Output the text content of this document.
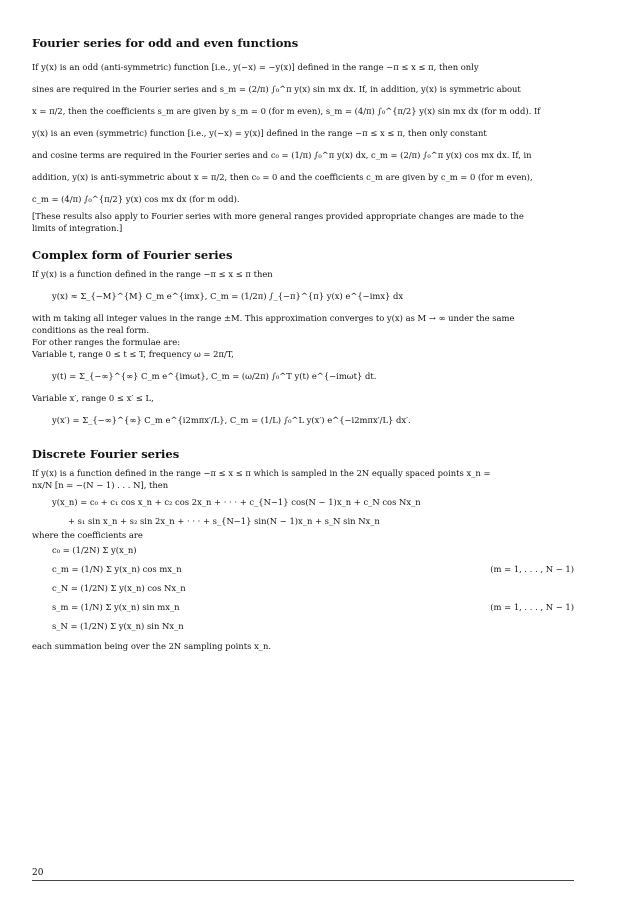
Fourier series for odd and even functions

If y(x) is an odd (anti-symmetric) function [i.e., y(−x) = −y(x)] defined in the range −π ≤ x ≤ π, then only

sines are required in the Fourier series and s_m = (2/π) ∫₀^π y(x) sin mx dx. If, in addition, y(x) is symmetric about

x = π/2, then the coefficients s_m are given by s_m = 0 (for m even), s_m = (4/π) ∫₀^{π/2} y(x) sin mx dx (for m odd). If

y(x) is an even (symmetric) function [i.e., y(−x) = y(x)] defined in the range −π ≤ x ≤ π, then only constant

and cosine terms are required in the Fourier series and c₀ = (1/π) ∫₀^π y(x) dx, c_m = (2/π) ∫₀^π y(x) cos mx dx. If, in

addition, y(x) is anti-symmetric about x = π/2, then c₀ = 0 and the coefficients c_m are given by c_m = 0 (for m even),

c_m = (4/π) ∫₀^{π/2} y(x) cos mx dx (for m odd).

[These results also apply to Fourier series with more general ranges provided appropriate changes are made to the

limits of integration.]

Complex form of Fourier series

If y(x) is a function defined in the range −π ≤ x ≤ π then

y(x) ≈ Σ_{−M}^{M} C_m e^{imx}, C_m = (1/2π) ∫_{−π}^{π} y(x) e^{−imx} dx

with m taking all integer values in the range ±M. This approximation converges to y(x) as M → ∞ under the same

conditions as the real form.

For other ranges the formulae are:

Variable t, range 0 ≤ t ≤ T, frequency ω = 2π/T,

y(t) = Σ_{−∞}^{∞} C_m e^{imωt}, C_m = (ω/2π) ∫₀^T y(t) e^{−imωt} dt.

Variable x′, range 0 ≤ x′ ≤ L,

y(x′) = Σ_{−∞}^{∞} C_m e^{i2mπx′/L}, C_m = (1/L) ∫₀^L y(x′) e^{−i2mπx′/L} dx′.
Discrete Fourier series

If y(x) is a function defined in the range −π ≤ x ≤ π which is sampled in the 2N equally spaced points x_n =

nx/N [n = −(N − 1) . . . N], then

y(x_n) = c₀ + c₁ cos x_n + c₂ cos 2x_n + · · · + c_{N−1} cos(N − 1)x_n + c_N cos Nx_n
+ s₁ sin x_n + s₂ sin 2x_n + · · · + s_{N−1} sin(N − 1)x_n + s_N sin Nx_n

where the coefficients are

c₀ = (1/2N) Σ y(x_n)
c_m = (1/N) Σ y(x_n) cos mx_n	(m = 1, . . . , N − 1)
c_N = (1/2N) Σ y(x_n) cos Nx_n
s_m = (1/N) Σ y(x_n) sin mx_n	(m = 1, . . . , N − 1)
s_N = (1/2N) Σ y(x_n) sin Nx_n

each summation being over the 2N sampling points x_n.

20
